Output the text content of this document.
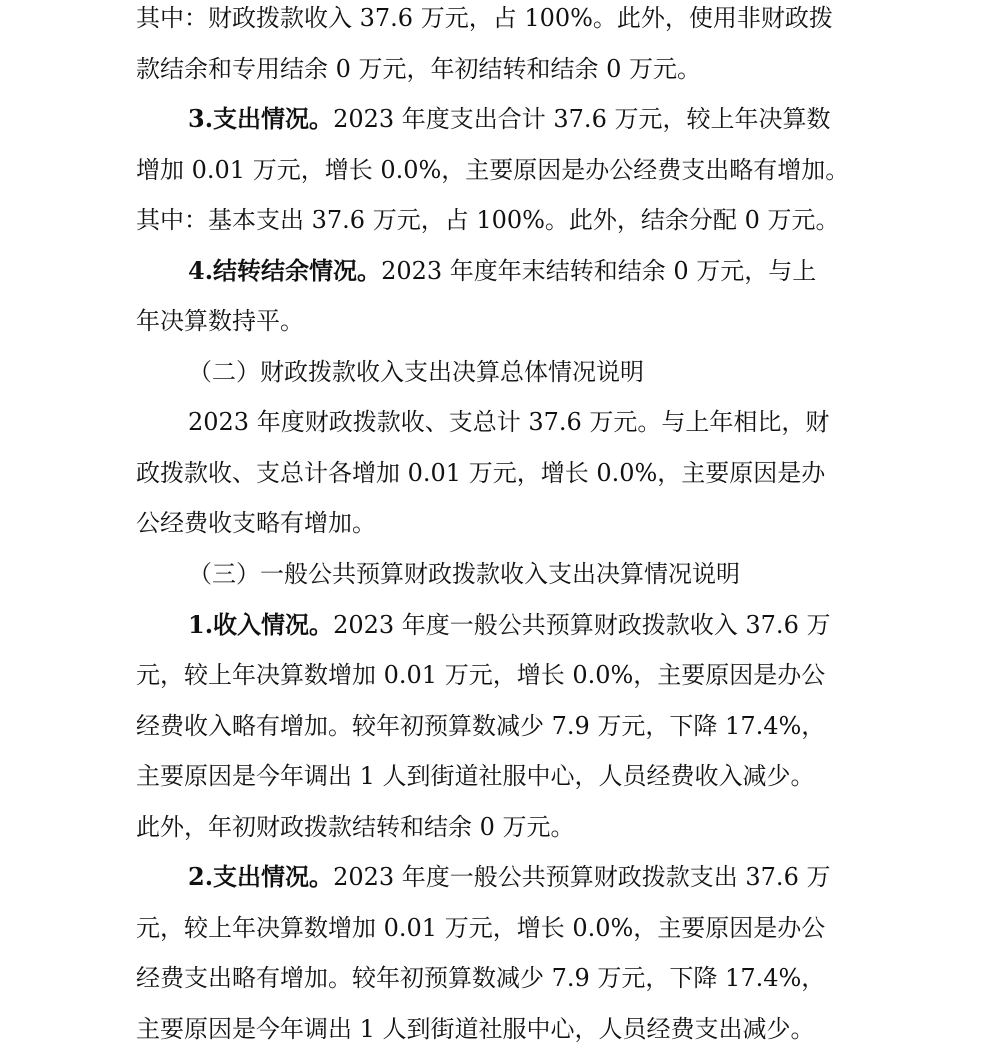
其中：财政拨款收入 37.6 万元，占 100%。此外，使用非财政拨
款结余和专用结余 0 万元，年初结转和结余 0 万元。
3.支出情况。2023 年度支出合计 37.6 万元，较上年决算数
增加 0.01 万元，增长 0.0%，主要原因是办公经费支出略有增加。
其中：基本支出 37.6 万元，占 100%。此外，结余分配 0 万元。
4.结转结余情况。2023 年度年末结转和结余 0 万元，与上
年决算数持平。
（二）财政拨款收入支出决算总体情况说明
2023 年度财政拨款收、支总计 37.6 万元。与上年相比，财
政拨款收、支总计各增加 0.01 万元，增长 0.0%，主要原因是办
公经费收支略有增加。
（三）一般公共预算财政拨款收入支出决算情况说明
1.收入情况。2023 年度一般公共预算财政拨款收入 37.6 万
元，较上年决算数增加 0.01 万元，增长 0.0%，主要原因是办公
经费收入略有增加。较年初预算数减少 7.9 万元，下降 17.4%，
主要原因是今年调出 1 人到街道社服中心，人员经费收入减少。
此外，年初财政拨款结转和结余 0 万元。
2.支出情况。2023 年度一般公共预算财政拨款支出 37.6 万
元，较上年决算数增加 0.01 万元，增长 0.0%，主要原因是办公
经费支出略有增加。较年初预算数减少 7.9 万元，下降 17.4%，
主要原因是今年调出 1 人到街道社服中心，人员经费支出减少。
